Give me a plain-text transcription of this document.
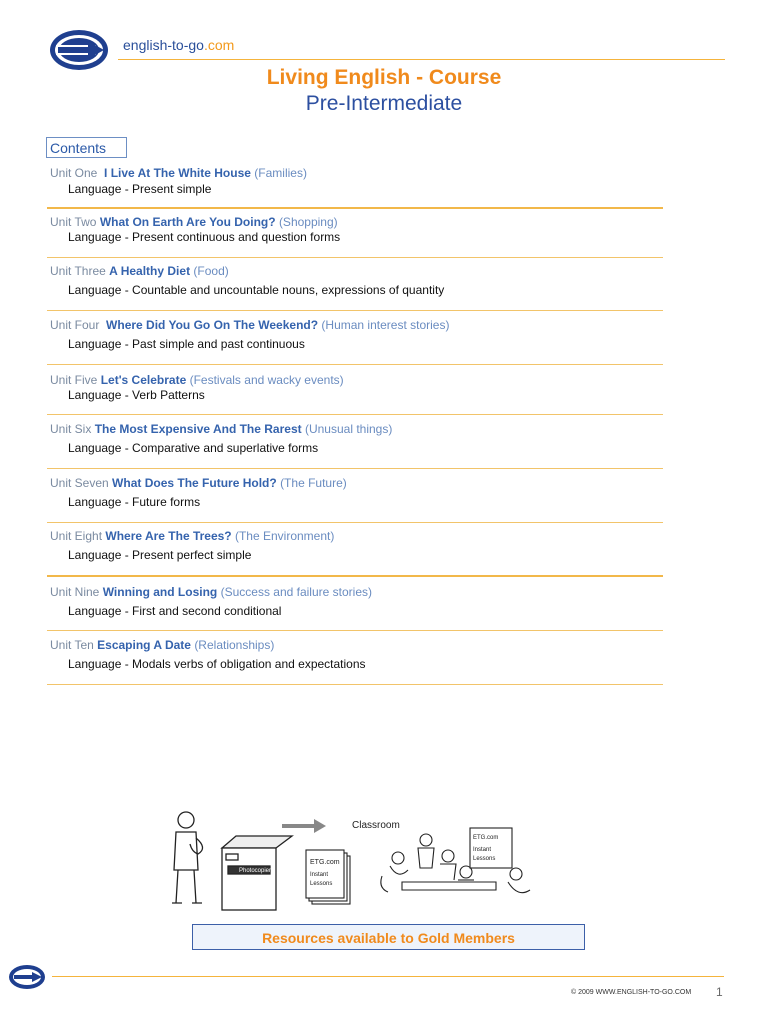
english-to-go.com
Living English - Course
Pre-Intermediate
Contents
Unit One I Live At The White House (Families)
Language - Present simple
Unit Two What On Earth Are You Doing? (Shopping)
Language - Present continuous and question forms
Unit Three A Healthy Diet (Food)
Language - Countable and uncountable nouns, expressions of quantity
Unit Four Where Did You Go On The Weekend? (Human interest stories)
Language - Past simple and past continuous
Unit Five Let's Celebrate (Festivals and wacky events)
Language - Verb Patterns
Unit Six The Most Expensive And The Rarest (Unusual things)
Language - Comparative and superlative forms
Unit Seven What Does The Future Hold? (The Future)
Language - Future forms
Unit Eight Where Are The Trees? (The Environment)
Language - Present perfect simple
Unit Nine Winning and Losing (Success and failure stories)
Language - First and second conditional
Unit Ten Escaping A Date (Relationships)
Language - Modals verbs of obligation and expectations
Photocopier
ETG.com
Instant
Lessons
Classroom
ETG.com
Instant
Lessons
Resources available to Gold Members
© 2009 WWW.ENGLISH-TO-GO.COM 1
